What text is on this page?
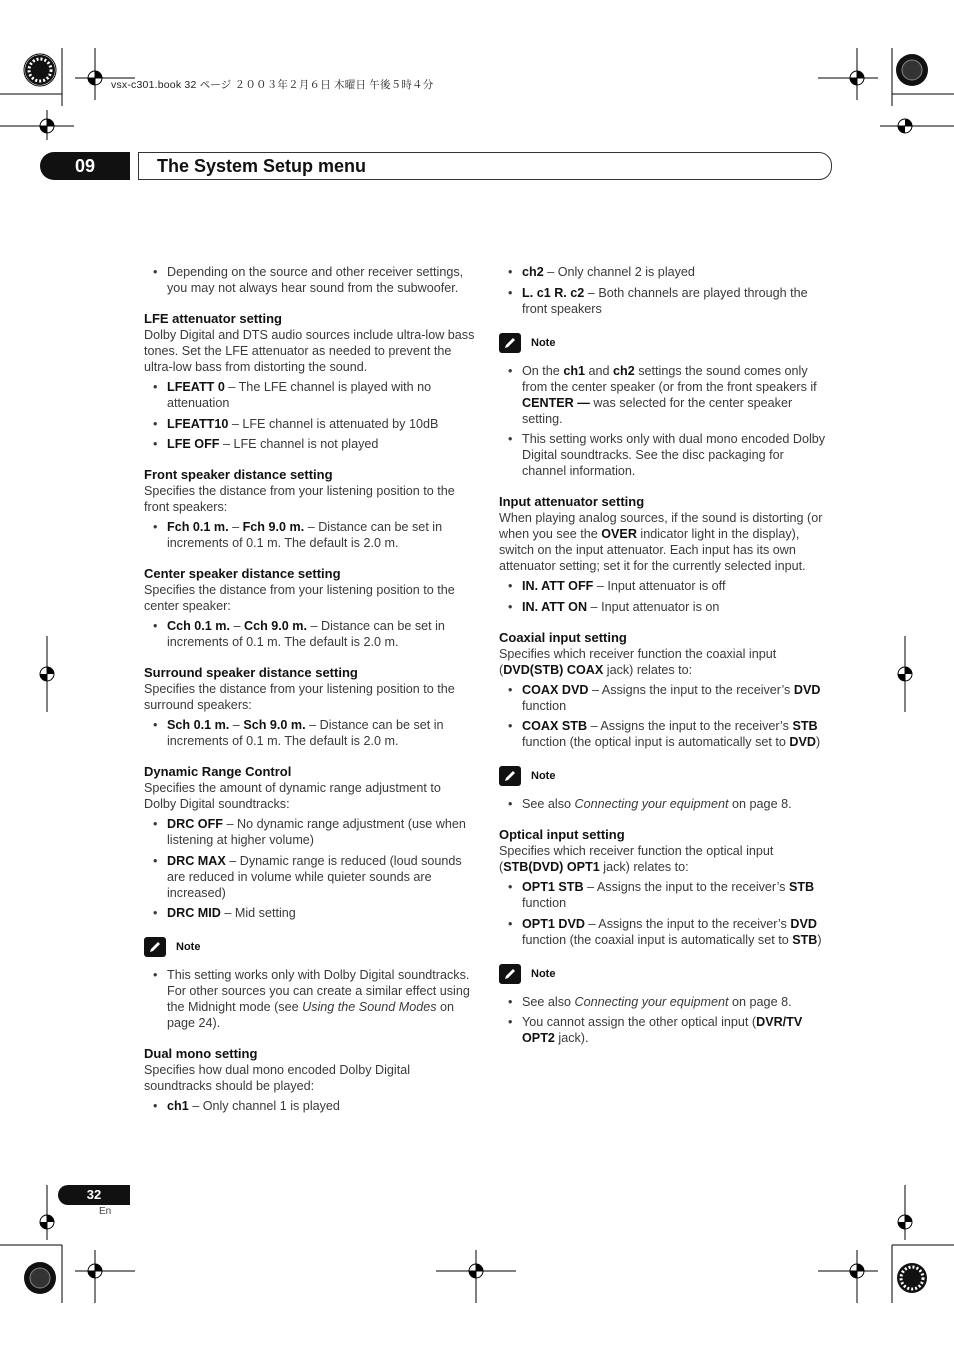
vsx-c301.book 32 ページ ２００３年２月６日 木曜日 午後５時４分
09	The System Setup menu
• Depending on the source and other receiver settings, you may not always hear sound from the subwoofer.
LFE attenuator setting

Dolby Digital and DTS audio sources include ultra-low bass tones. Set the LFE attenuator as needed to prevent the ultra-low bass from distorting the sound.

• LFEATT 0 – The LFE channel is played with no attenuation
• LFEATT10 – LFE channel is attenuated by 10dB
• LFE OFF – LFE channel is not played
Front speaker distance setting

Specifies the distance from your listening position to the front speakers:

• Fch 0.1 m. – Fch 9.0 m. – Distance can be set in increments of 0.1 m. The default is 2.0 m.
Center speaker distance setting

Specifies the distance from your listening position to the center speaker:

• Cch 0.1 m. – Cch 9.0 m. – Distance can be set in increments of 0.1 m. The default is 2.0 m.
Surround speaker distance setting

Specifies the distance from your listening position to the surround speakers:

• Sch 0.1 m. – Sch 9.0 m. – Distance can be set in increments of 0.1 m. The default is 2.0 m.
Dynamic Range Control

Specifies the amount of dynamic range adjustment to Dolby Digital soundtracks:

• DRC OFF – No dynamic range adjustment (use when listening at higher volume)
• DRC MAX – Dynamic range is reduced (loud sounds are reduced in volume while quieter sounds are increased)
• DRC MID – Mid setting
Note
• This setting works only with Dolby Digital soundtracks. For other sources you can create a similar effect using the Midnight mode (see Using the Sound Modes on page 24).
Dual mono setting

Specifies how dual mono encoded Dolby Digital soundtracks should be played:

• ch1 – Only channel 1 is played
• ch2 – Only channel 2 is played
• L. c1 R. c2 – Both channels are played through the front speakers
Note
• On the ch1 and ch2 settings the sound comes only from the center speaker (or from the front speakers if CENTER — was selected for the center speaker setting.
• This setting works only with dual mono encoded Dolby Digital soundtracks. See the disc packaging for channel information.
Input attenuator setting

When playing analog sources, if the sound is distorting (or when you see the OVER indicator light in the display), switch on the input attenuator. Each input has its own attenuator setting; set it for the currently selected input.

• IN. ATT OFF – Input attenuator is off
• IN. ATT ON – Input attenuator is on
Coaxial input setting

Specifies which receiver function the coaxial input (DVD(STB) COAX jack) relates to:

• COAX DVD – Assigns the input to the receiver’s DVD function
• COAX STB – Assigns the input to the receiver’s STB function (the optical input is automatically set to DVD)
Note
• See also Connecting your equipment on page 8.
Optical input setting

Specifies which receiver function the optical input (STB(DVD) OPT1 jack) relates to:

• OPT1 STB – Assigns the input to the receiver’s STB function
• OPT1 DVD – Assigns the input to the receiver’s DVD function (the coaxial input is automatically set to STB)
Note
• See also Connecting your equipment on page 8.
• You cannot assign the other optical input (DVR/TV OPT2 jack).
32
En
